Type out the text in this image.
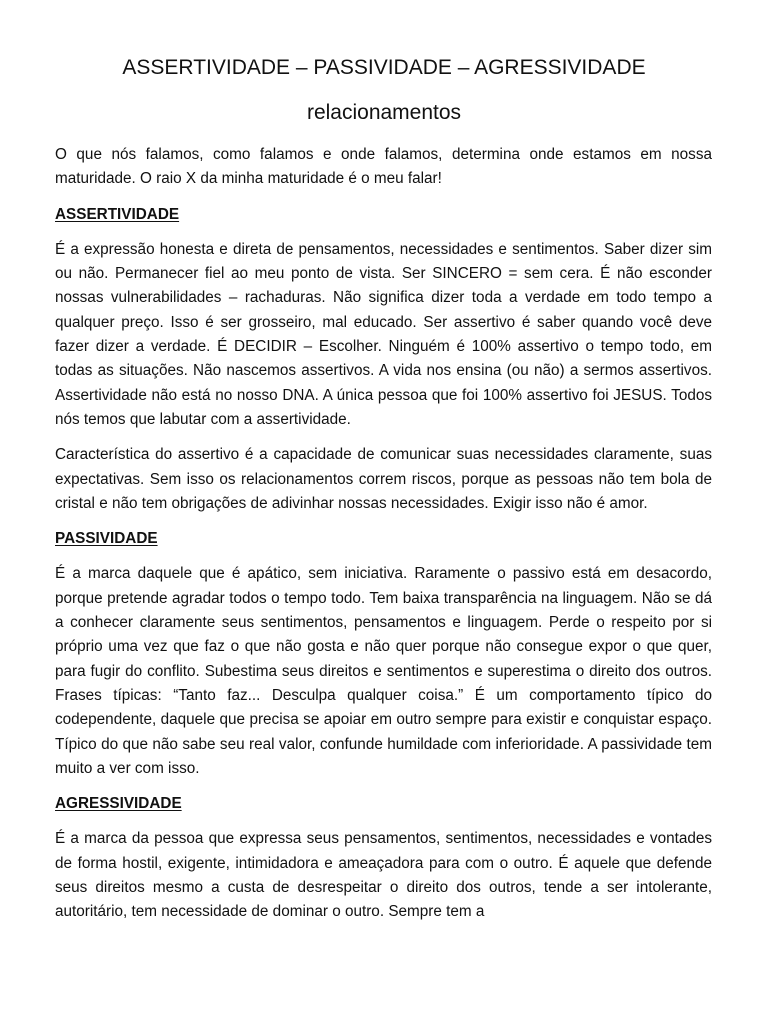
ASSERTIVIDADE – PASSIVIDADE – AGRESSIVIDADE
relacionamentos

O que nós falamos, como falamos e onde falamos, determina onde estamos em nossa maturidade. O raio X da minha maturidade é o meu falar!

ASSERTIVIDADE

É a expressão honesta e direta de pensamentos, necessidades e sentimentos. Saber dizer sim ou não. Permanecer fiel ao meu ponto de vista. Ser SINCERO = sem cera. É não esconder nossas vulnerabilidades – rachaduras. Não significa dizer toda a verdade em todo tempo a qualquer preço. Isso é ser grosseiro, mal educado. Ser assertivo é saber quando você deve fazer dizer a verdade. É DECIDIR – Escolher. Ninguém é 100% assertivo o tempo todo, em todas as situações. Não nascemos assertivos. A vida nos ensina (ou não) a sermos assertivos. Assertividade não está no nosso DNA. A única pessoa que foi 100% assertivo foi JESUS. Todos nós temos que labutar com a assertividade.

Característica do assertivo é a capacidade de comunicar suas necessidades claramente, suas expectativas. Sem isso os relacionamentos correm riscos, porque as pessoas não tem bola de cristal e não tem obrigações de adivinhar nossas necessidades. Exigir isso não é amor.

PASSIVIDADE

É a marca daquele que é apático, sem iniciativa. Raramente o passivo está em desacordo, porque pretende agradar todos o tempo todo. Tem baixa transparência na linguagem. Não se dá a conhecer claramente seus sentimentos, pensamentos e linguagem. Perde o respeito por si próprio uma vez que faz o que não gosta e não quer porque não consegue expor o que quer, para fugir do conflito. Subestima seus direitos e sentimentos e superestima o direito dos outros. Frases típicas: “Tanto faz... Desculpa qualquer coisa.” É um comportamento típico do codependente, daquele que precisa se apoiar em outro sempre para existir e conquistar espaço. Típico do que não sabe seu real valor, confunde humildade com inferioridade. A passividade tem muito a ver com isso.

AGRESSIVIDADE

É a marca da pessoa que expressa seus pensamentos, sentimentos, necessidades e vontades de forma hostil, exigente, intimidadora e ameaçadora para com o outro. É aquele que defende seus direitos mesmo a custa de desrespeitar o direito dos outros, tende a ser intolerante, autoritário, tem necessidade de dominar o outro. Sempre tem a
